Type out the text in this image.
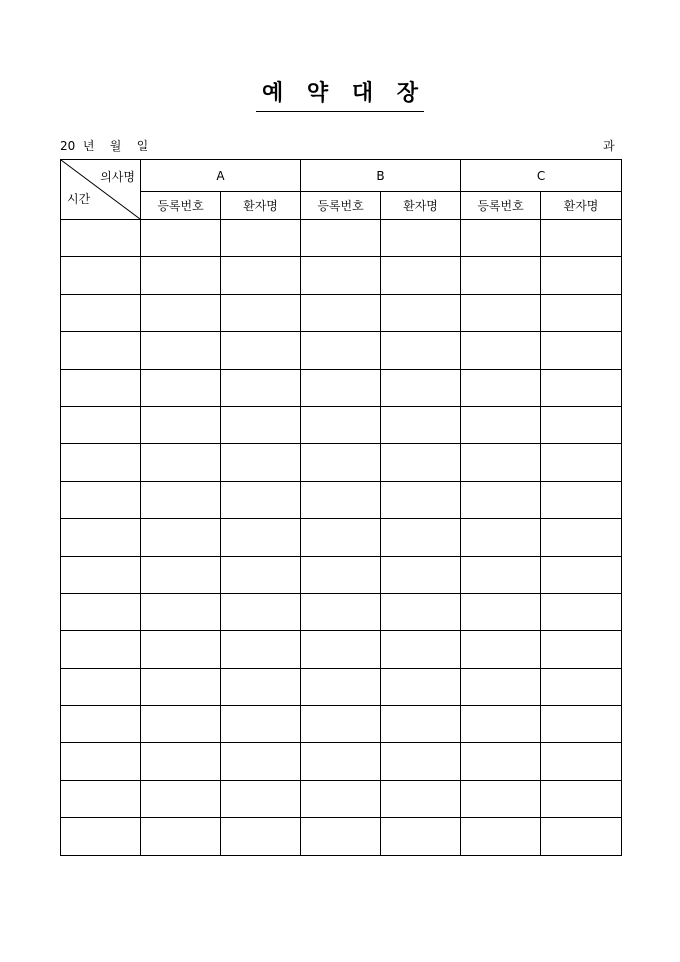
예 약 대 장
20  년    월    일	과
의사명
시간	A		B		C	
	등록번호	환자명	등록번호	환자명	등록번호	환자명
